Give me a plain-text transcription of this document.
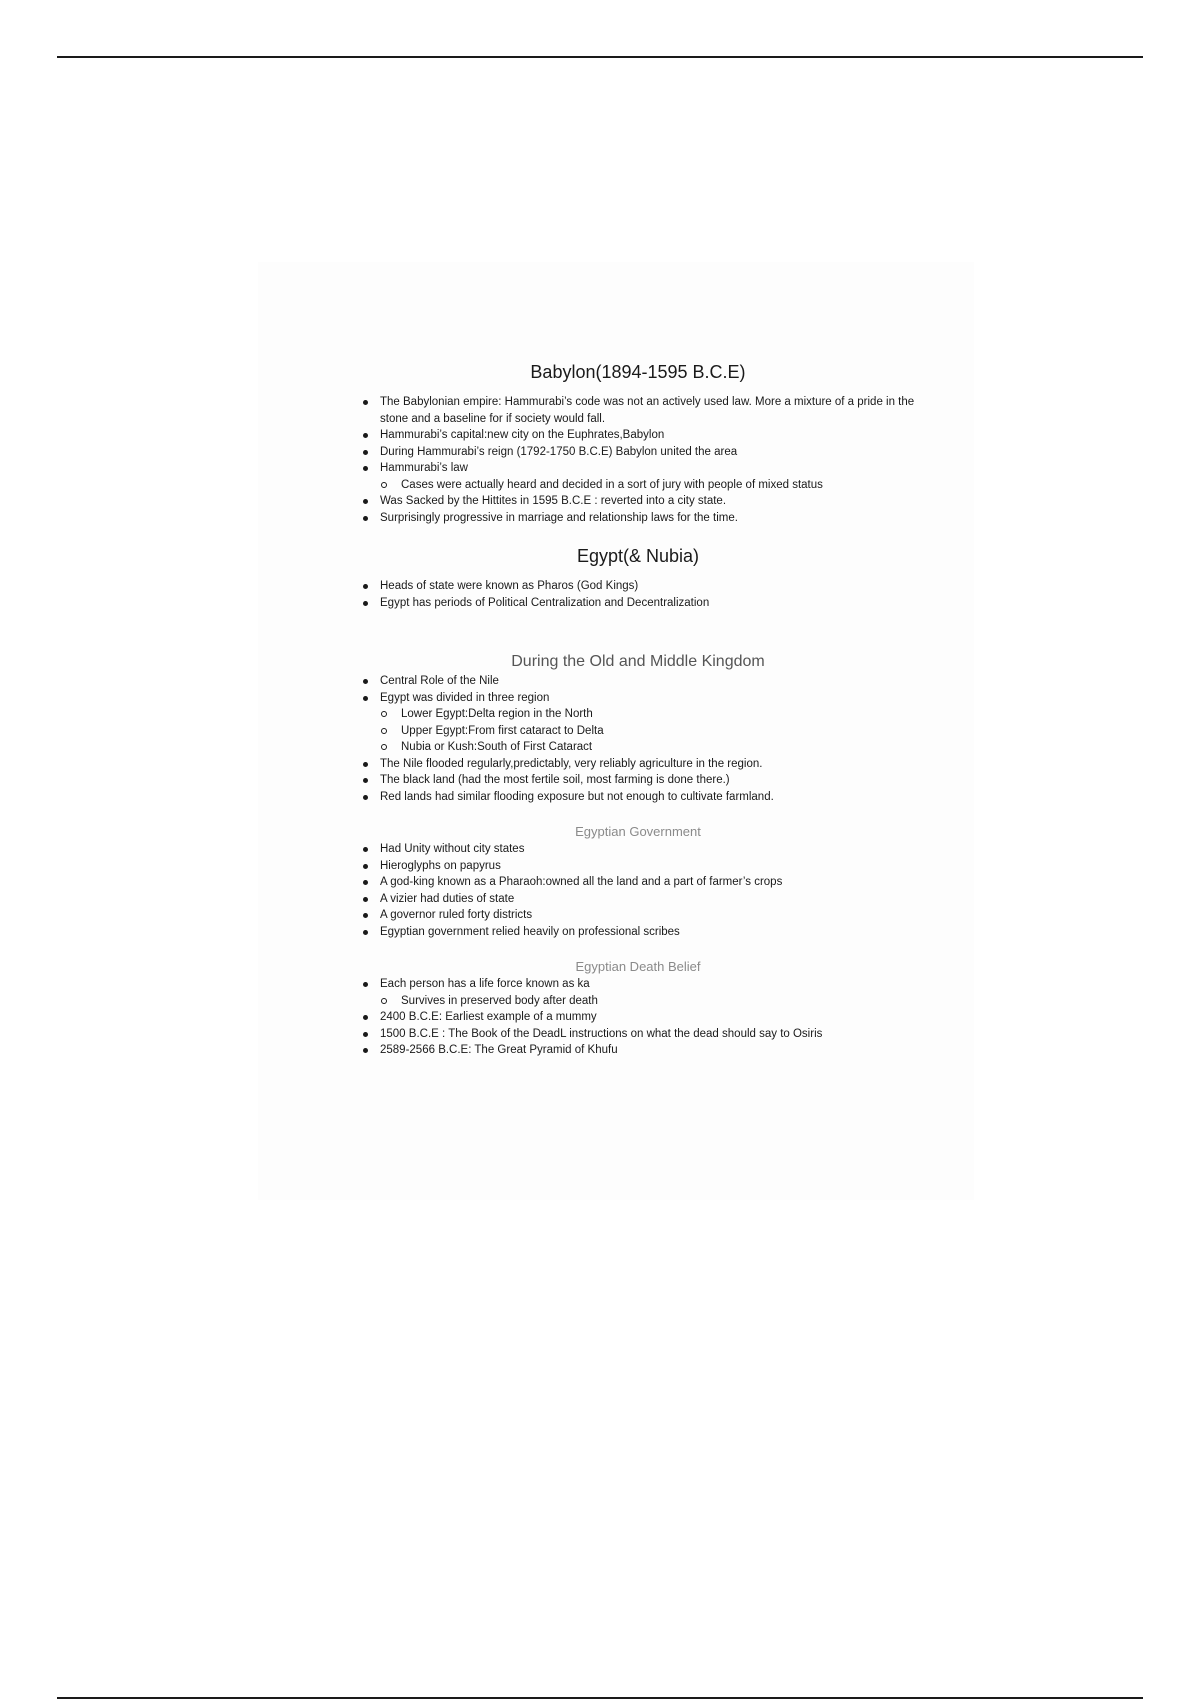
Babylon(1894-1595 B.C.E)
The Babylonian empire: Hammurabi’s code was not an actively used law. More a mixture of a pride in the stone and a baseline for if society would fall.
Hammurabi’s capital:new city on the Euphrates,Babylon
During Hammurabi’s reign (1792-1750 B.C.E) Babylon united the area
Hammurabi’s law
Cases were actually heard and decided in a sort of jury with people of mixed status
Was Sacked by the Hittites in 1595 B.C.E : reverted into a city state.
Surprisingly progressive in marriage and relationship laws for the time.
Egypt(& Nubia)
Heads of state were known as Pharos (God Kings)
Egypt has periods of Political Centralization and Decentralization
During the Old and Middle Kingdom
Central Role of the Nile
Egypt was divided in three region
Lower Egypt:Delta region in the North
Upper Egypt:From first cataract to Delta
Nubia or Kush:South of First Cataract
The Nile flooded regularly,predictably, very reliably agriculture in the region.
The black land (had the most fertile soil, most farming is done there.)
Red lands had similar flooding exposure but not enough to cultivate farmland.
Egyptian Government
Had Unity without city states
Hieroglyphs on papyrus
A god-king known as a Pharaoh:owned all the land and a part of farmer’s crops
A vizier had duties of state
A governor ruled forty districts
Egyptian government relied heavily on professional scribes
Egyptian Death Belief
Each person has a life force known as ka
Survives in preserved body after death
2400 B.C.E: Earliest example of a mummy
1500 B.C.E : The Book of the DeadL instructions on what the dead should say to Osiris
2589-2566 B.C.E: The Great Pyramid of Khufu
